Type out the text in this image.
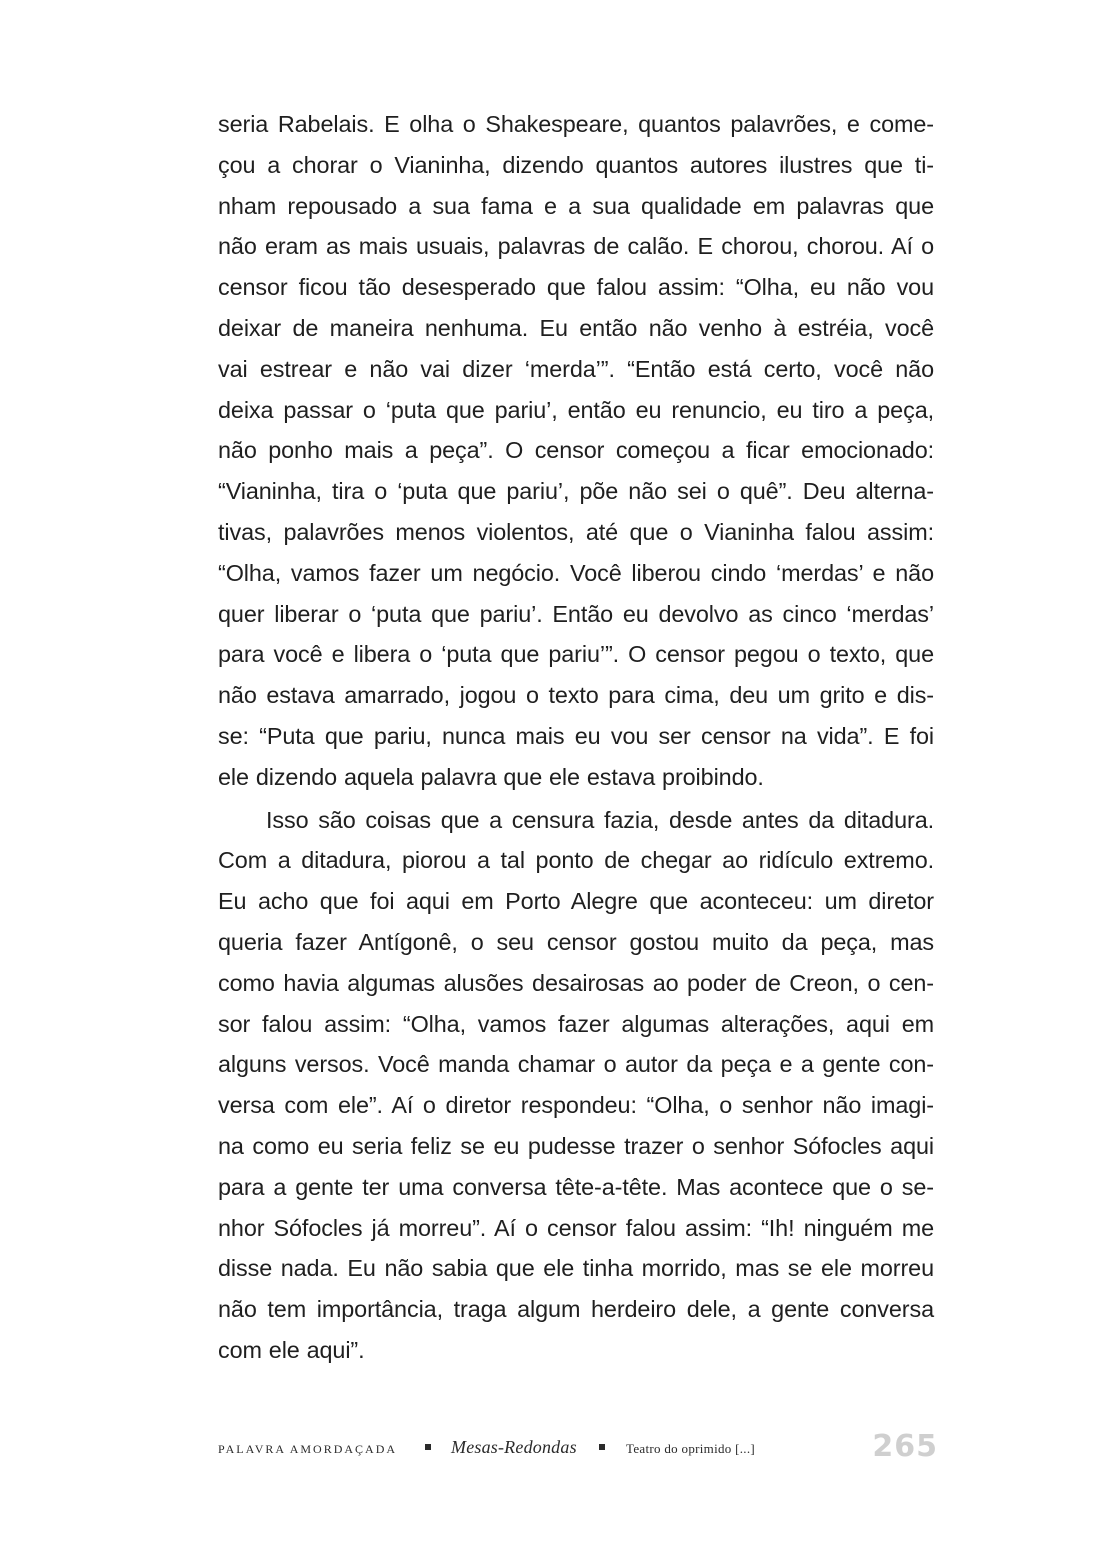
seria Rabelais. E olha o Shakespeare, quantos palavrões, e come-
çou a chorar o Vianinha, dizendo quantos autores ilustres que ti-
nham repousado a sua fama e a sua qualidade em palavras que
não eram as mais usuais, palavras de calão. E chorou, chorou. Aí o
censor ficou tão desesperado que falou assim: “Olha, eu não vou
deixar de maneira nenhuma. Eu então não venho à estréia, você
vai estrear e não vai dizer ‘merda’”. “Então está certo, você não
deixa passar o ‘puta que pariu’, então eu renuncio, eu tiro a peça,
não ponho mais a peça”. O censor começou a ficar emocionado:
“Vianinha, tira o ‘puta que pariu’, põe não sei o quê”. Deu alterna-
tivas, palavrões menos violentos, até que o Vianinha falou assim:
“Olha, vamos fazer um negócio. Você liberou cindo ‘merdas’ e não
quer liberar o ‘puta que pariu’. Então eu devolvo as cinco ‘merdas’
para você e libera o ‘puta que pariu’”. O censor pegou o texto, que
não estava amarrado, jogou o texto para cima, deu um grito e dis-
se: “Puta que pariu, nunca mais eu vou ser censor na vida”. E foi
ele dizendo aquela palavra que ele estava proibindo.
Isso são coisas que a censura fazia, desde antes da ditadura.
Com a ditadura, piorou a tal ponto de chegar ao ridículo extremo.
Eu acho que foi aqui em Porto Alegre que aconteceu: um diretor
queria fazer Antígonê, o seu censor gostou muito da peça, mas
como havia algumas alusões desairosas ao poder de Creon, o cen-
sor falou assim: “Olha, vamos fazer algumas alterações, aqui em
alguns versos. Você manda chamar o autor da peça e a gente con-
versa com ele”. Aí o diretor respondeu: “Olha, o senhor não imagi-
na como eu seria feliz se eu pudesse trazer o senhor Sófocles aqui
para a gente ter uma conversa tête-a-tête. Mas acontece que o se-
nhor Sófocles já morreu”. Aí o censor falou assim: “Ih! ninguém me
disse nada. Eu não sabia que ele tinha morrido, mas se ele morreu
não tem importância, traga algum herdeiro dele, a gente conversa
com ele aqui”.
PALAVRA AMORDAÇADA	Mesas-Redondas	Teatro do oprimido [...]	265
